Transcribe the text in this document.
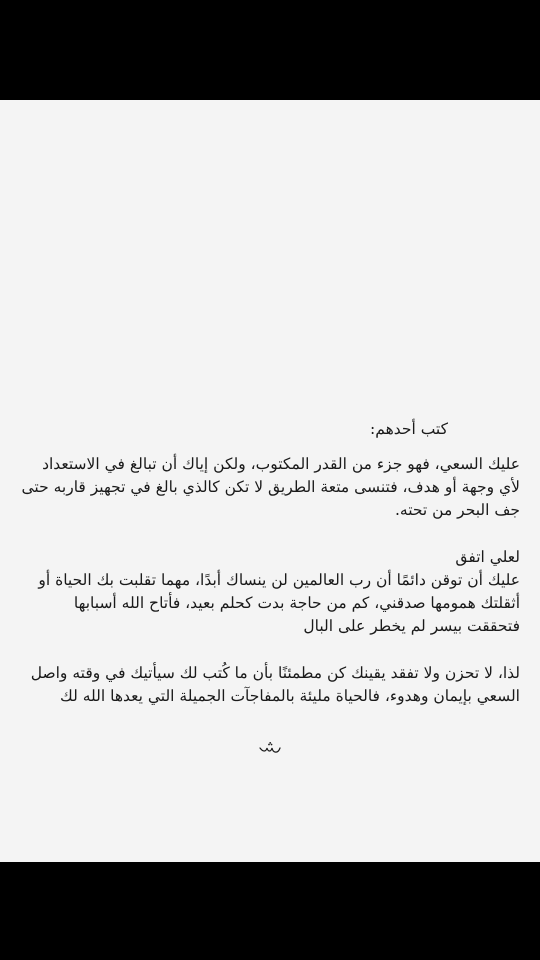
كتب أحدهم:

عليك السعي، فهو جزء من القدر المكتوب، ولكن إياك أن تبالغ في الاستعداد لأي وجهة أو هدف، فتنسى متعة الطريق لا تكن كالذي بالغ في تجهيز قاربه حتى جف البحر من تحته.

لعلي اتفق
عليك أن توقن دائمًا أن رب العالمين لن ينساك أبدًا، مهما تقلبت بك الحياة أو أثقلتك همومها صدقني، كم من حاجة بدت كحلم بعيد، فأتاح الله أسبابها فتحققت بيسر لم يخطر على البال

لذا، لا تحزن ولا تفقد يقينك كن مطمئنًا بأن ما كُتب لك سيأتيك في وقته واصل السعي بإيمان وهدوء، فالحياة مليئة بالمفاجآت الجميلة التي يعدها الله لك
